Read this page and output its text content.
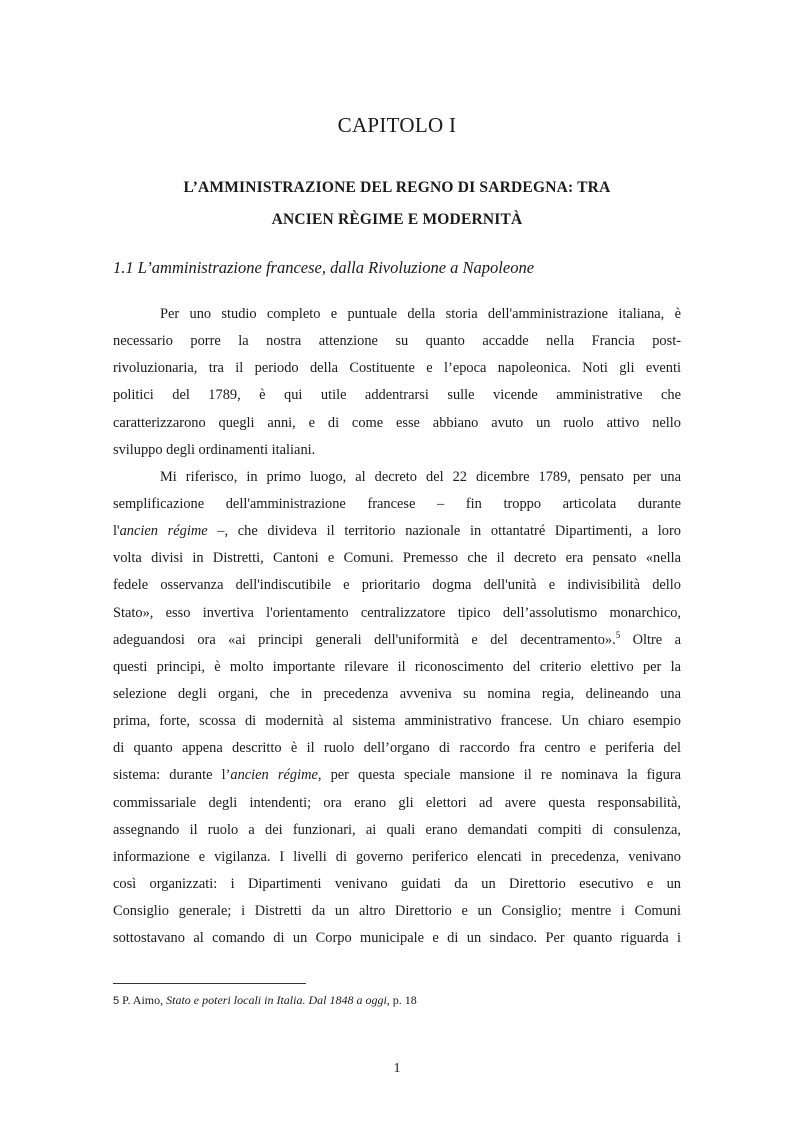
CAPITOLO I
L’AMMINISTRAZIONE DEL REGNO DI SARDEGNA: TRA
ANCIEN RÈGIME E MODERNITÀ
1.1 L’amministrazione francese, dalla Rivoluzione a Napoleone
Per uno studio completo e puntuale della storia dell'amministrazione italiana, è
necessario porre la nostra attenzione su quanto accadde nella Francia post-
rivoluzionaria, tra il periodo della Costituente e l’epoca napoleonica. Noti gli eventi
politici del 1789, è qui utile addentrarsi sulle vicende amministrative che
caratterizzarono quegli anni, e di come esse abbiano avuto un ruolo attivo nello
sviluppo degli ordinamenti italiani.
Mi riferisco, in primo luogo, al decreto del 22 dicembre 1789, pensato per una
semplificazione dell'amministrazione francese – fin troppo articolata durante
l'ancien régime –, che divideva il territorio nazionale in ottantatré Dipartimenti, a loro
volta divisi in Distretti, Cantoni e Comuni. Premesso che il decreto era pensato «nella
fedele osservanza dell'indiscutibile e prioritario dogma dell'unità e indivisibilità dello
Stato», esso invertiva l'orientamento centralizzatore tipico dell’assolutismo monarchico,
adeguandosi ora «ai principi generali dell'uniformità e del decentramento».$^5$ Oltre a
questi principi, è molto importante rilevare il riconoscimento del criterio elettivo per la
selezione degli organi, che in precedenza avveniva su nomina regia, delineando una
prima, forte, scossa di modernità al sistema amministrativo francese. Un chiaro esempio
di quanto appena descritto è il ruolo dell’organo di raccordo fra centro e periferia del
sistema: durante l’ancien régime, per questa speciale mansione il re nominava la figura
commissariale degli intendenti; ora erano gli elettori ad avere questa responsabilità,
assegnando il ruolo a dei funzionari, ai quali erano demandati compiti di consulenza,
informazione e vigilanza. I livelli di governo periferico elencati in precedenza, venivano
così organizzati: i Dipartimenti venivano guidati da un Direttorio esecutivo e un
Consiglio generale; i Distretti da un altro Direttorio e un Consiglio; mentre i Comuni
sottostavano al comando di un Corpo municipale e di un sindaco. Per quanto riguarda i
5 P. Aimo, Stato e poteri locali in Italia. Dal 1848 a oggi, p. 18
1
